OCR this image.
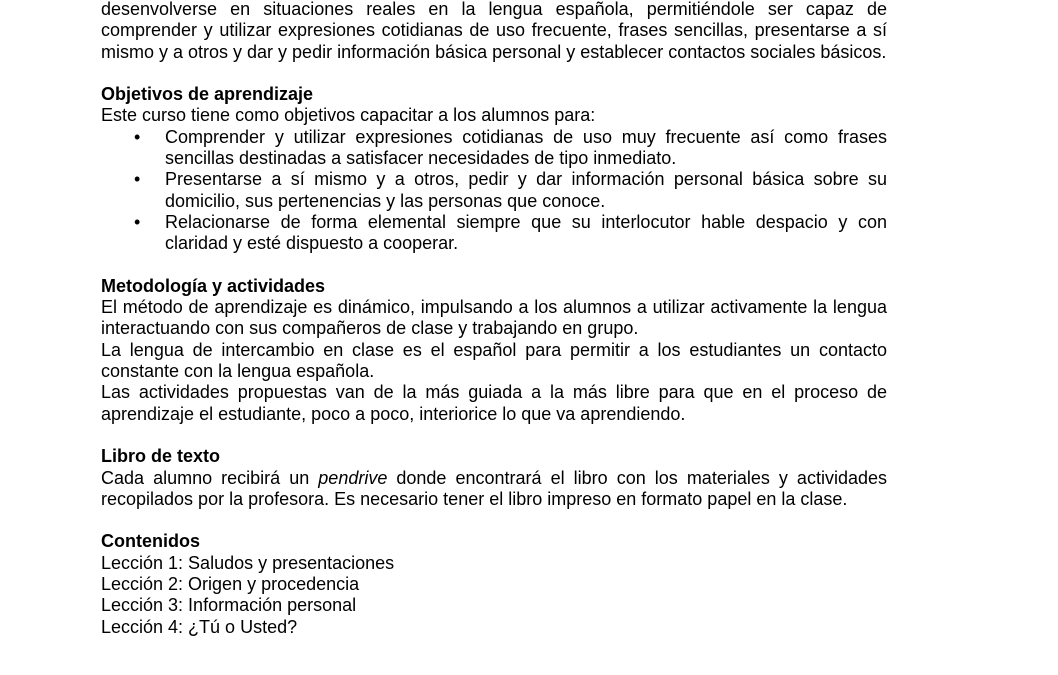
desenvolverse en situaciones reales en la lengua española, permitiéndole ser capaz de comprender y utilizar expresiones cotidianas de uso frecuente, frases sencillas, presentarse a sí mismo y a otros y dar y pedir información básica personal y establecer contactos sociales básicos.

Objetivos de aprendizaje

Este curso tiene como objetivos capacitar a los alumnos para:

• Comprender y utilizar expresiones cotidianas de uso muy frecuente así como frases sencillas destinadas a satisfacer necesidades de tipo inmediato.
• Presentarse a sí mismo y a otros, pedir y dar información personal básica sobre su domicilio, sus pertenencias y las personas que conoce.
• Relacionarse de forma elemental siempre que su interlocutor hable despacio y con claridad y esté dispuesto a cooperar.

Metodología y actividades

El método de aprendizaje es dinámico, impulsando a los alumnos a utilizar activamente la lengua interactuando con sus compañeros de clase y trabajando en grupo.

La lengua de intercambio en clase es el español para permitir a los estudiantes un contacto constante con la lengua española.

Las actividades propuestas van de la más guiada a la más libre para que en el proceso de aprendizaje el estudiante, poco a poco, interiorice lo que va aprendiendo.

Libro de texto

Cada alumno recibirá un pendrive donde encontrará el libro con los materiales y actividades recopilados por la profesora. Es necesario tener el libro impreso en formato papel en la clase.

Contenidos

Lección 1: Saludos y presentaciones

Lección 2: Origen y procedencia

Lección 3: Información personal

Lección 4: ¿Tú o Usted?
